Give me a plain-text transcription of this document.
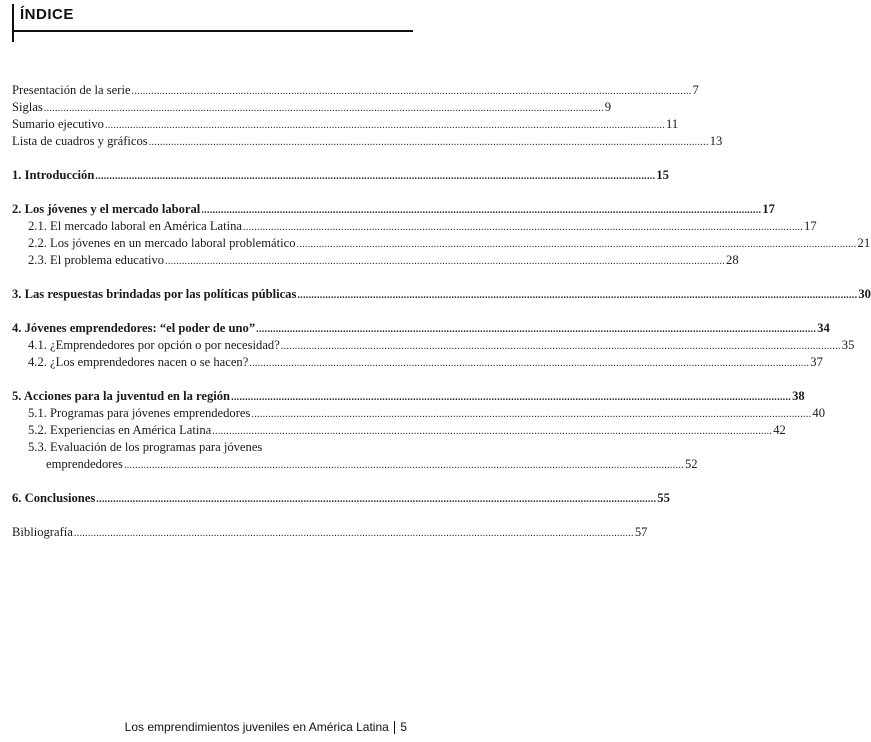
ÍNDICE
Presentación de la serie ........................................................................................................................................................................................................ 7
Siglas ........................................................................................................................................................................................................ 9
Sumario ejecutivo ........................................................................................................................................................................................................ 11
Lista de cuadros y gráficos ........................................................................................................................................................................................................ 13
1. Introducción ........................................................................................................................................................................................................ 15
2. Los jóvenes y el mercado laboral ........................................................................................................................................................................................................ 17
2.1. El mercado laboral en América Latina ........................................................................................................................................................................................................ 17
2.2. Los jóvenes en un mercado laboral problemático ........................................................................................................................................................................................................ 21
2.3. El problema educativo ........................................................................................................................................................................................................ 28
3. Las respuestas brindadas por las políticas públicas ........................................................................................................................................................................................................ 30
4. Jóvenes emprendedores: “el poder de uno” ........................................................................................................................................................................................................ 34
4.1. ¿Emprendedores por opción o por necesidad? ........................................................................................................................................................................................................ 35
4.2. ¿Los emprendedores nacen o se hacen? ........................................................................................................................................................................................................ 37
5. Acciones para la juventud en la región ........................................................................................................................................................................................................ 38
5.1. Programas para jóvenes emprendedores ........................................................................................................................................................................................................ 40
5.2. Experiencias en América Latina ........................................................................................................................................................................................................ 42
5.3. Evaluación de los programas para jóvenes
emprendedores ........................................................................................................................................................................................................ 52
6. Conclusiones ........................................................................................................................................................................................................ 55
Bibliografía ........................................................................................................................................................................................................ 57
Los emprendimientos juveniles en América Latina 5
